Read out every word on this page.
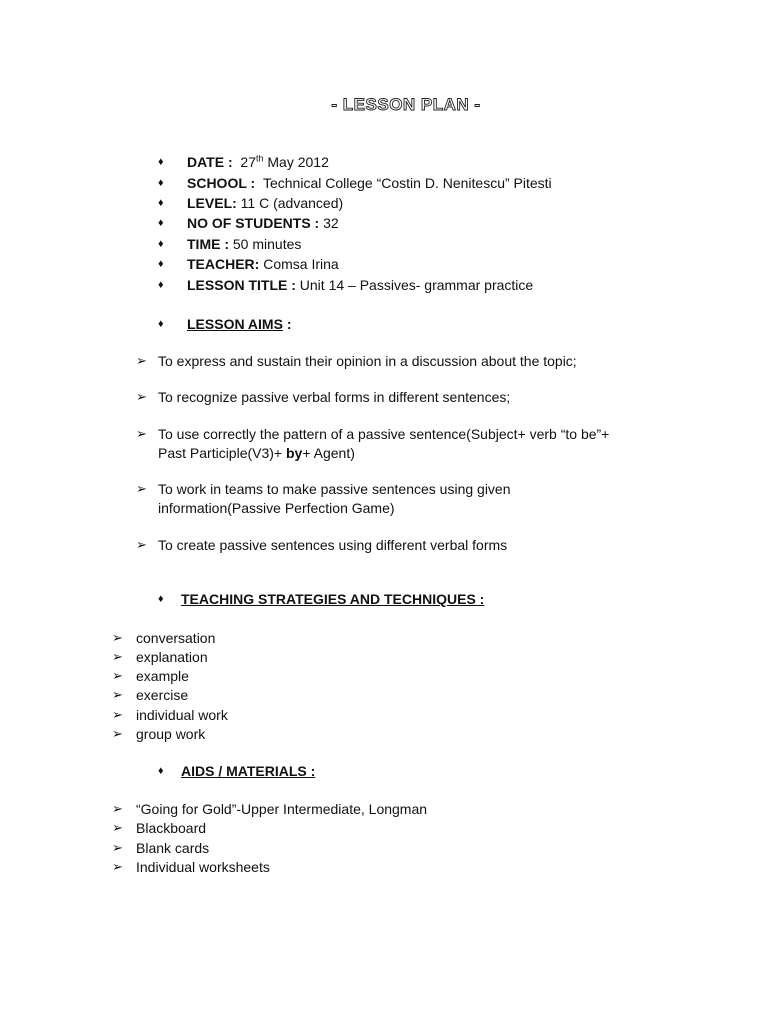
- LESSON PLAN -
♦ DATE : 27th May 2012
♦ SCHOOL : Technical College “Costin D. Nenitescu” Pitesti
♦ LEVEL: 11 C (advanced)
♦ NO OF STUDENTS : 32
♦ TIME : 50 minutes
♦ TEACHER: Comsa Irina
♦ LESSON TITLE : Unit 14 – Passives- grammar practice
♦ LESSON AIMS :
➢ To express and sustain their opinion in a discussion about the topic;
➢ To recognize passive verbal forms in different sentences;
➢ To use correctly the pattern of a passive sentence(Subject+ verb “to be”+
Past Participle(V3)+ by+ Agent)
➢ To work in teams to make passive sentences using given
information(Passive Perfection Game)
➢ To create passive sentences using different verbal forms
♦ TEACHING STRATEGIES AND TECHNIQUES :
➢ conversation
➢ explanation
➢ example
➢ exercise
➢ individual work
➢ group work
♦ AIDS / MATERIALS :
➢ “Going for Gold”-Upper Intermediate, Longman
➢ Blackboard
➢ Blank cards
➢ Individual worksheets
